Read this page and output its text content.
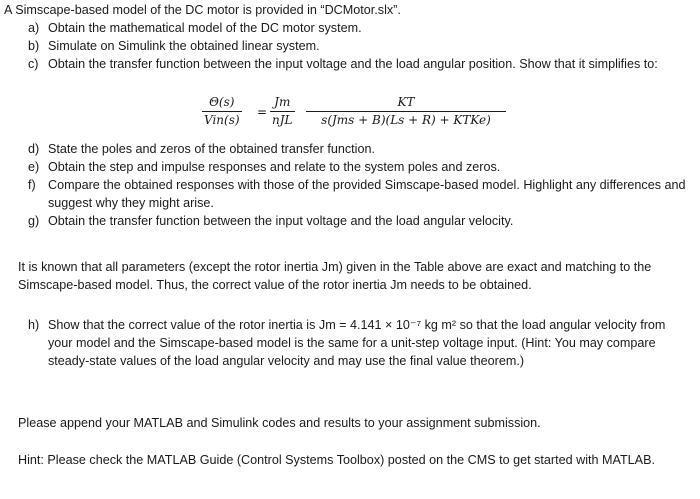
A Simscape-based model of the DC motor is provided in “DCMotor.slx”.

a) Obtain the mathematical model of the DC motor system.
b) Simulate on Simulink the obtained linear system.
c) Obtain the transfer function between the input voltage and the load angular position. Show that it simplifies to:
Θ(s)
Vin(s)
=
Jm
nJL
KT
s(Jms + B)(Ls + R) + KTKe)
d) State the poles and zeros of the obtained transfer function.
e) Obtain the step and impulse responses and relate to the system poles and zeros.
f) Compare the obtained responses with those of the provided Simscape-based model. Highlight any differences and suggest why they might arise.
g) Obtain the transfer function between the input voltage and the load angular velocity.

It is known that all parameters (except the rotor inertia Jm) given in the Table above are exact and matching to the Simscape-based model. Thus, the correct value of the rotor inertia Jm needs to be obtained.

h) Show that the correct value of the rotor inertia is Jm = 4.141 × 10⁻⁷ kg m² so that the load angular velocity from your model and the Simscape-based model is the same for a unit-step voltage input. (Hint: You may compare steady-state values of the load angular velocity and may use the final value theorem.)

Please append your MATLAB and Simulink codes and results to your assignment submission.

Hint: Please check the MATLAB Guide (Control Systems Toolbox) posted on the CMS to get started with MATLAB.
